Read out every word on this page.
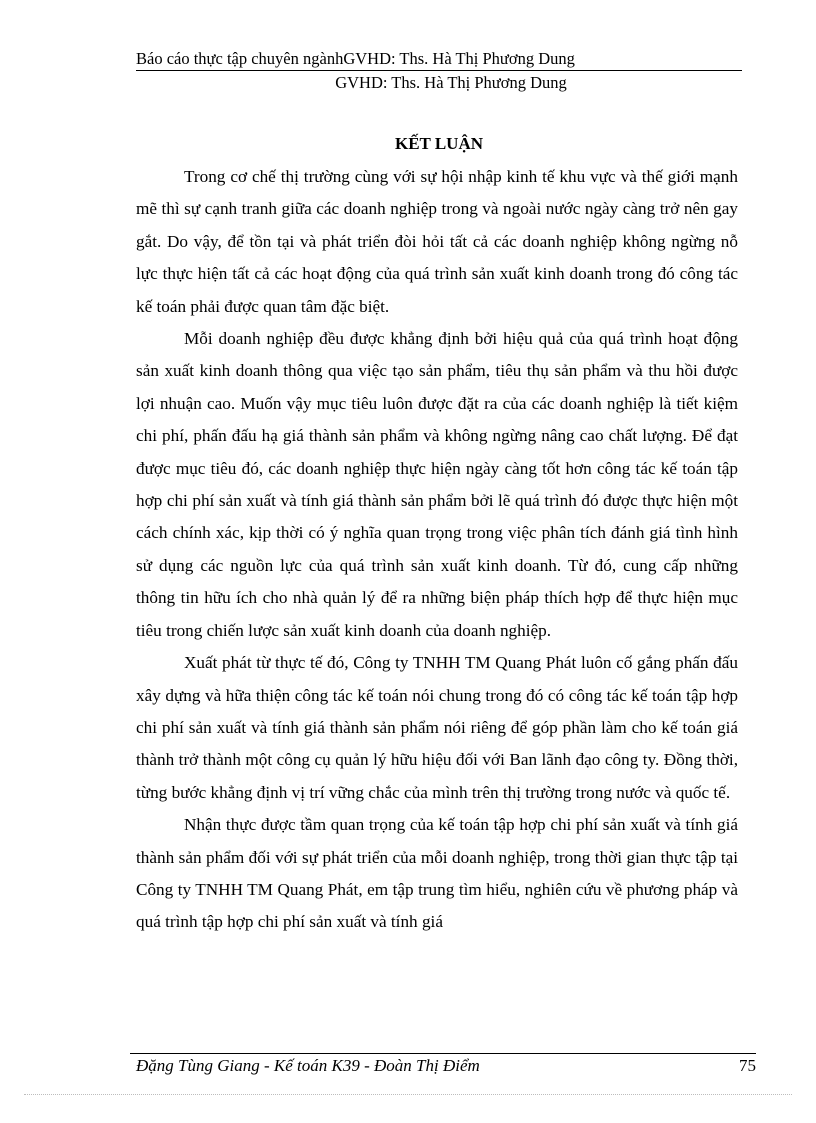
Báo cáo thực tập chuyên ngànhGVHD: Ths. Hà Thị Phương Dung
GVHD: Ths. Hà Thị Phương Dung
KẾT LUẬN

Trong cơ chế thị trường cùng với sự hội nhập kinh tế khu vực và thế giới mạnh mẽ thì sự cạnh tranh giữa các doanh nghiệp trong và ngoài nước ngày càng trở nên gay gắt. Do vậy, để tồn tại và phát triển đòi hỏi tất cả các doanh nghiệp không ngừng nỗ lực thực hiện tất cả các hoạt động của quá trình sản xuất kinh doanh trong đó công tác kế toán phải được quan tâm đặc biệt.

Mỗi doanh nghiệp đều được khẳng định bởi hiệu quả của quá trình hoạt động sản xuất kinh doanh thông qua việc tạo sản phẩm, tiêu thụ sản phẩm và thu hồi được lợi nhuận cao. Muốn vậy mục tiêu luôn được đặt ra của các doanh nghiệp là tiết kiệm chi phí, phấn đấu hạ giá thành sản phẩm và không ngừng nâng cao chất lượng. Để đạt được mục tiêu đó, các doanh nghiệp thực hiện ngày càng tốt hơn công tác kế toán tập hợp chi phí sản xuất và tính giá thành sản phẩm bởi lẽ quá trình đó được thực hiện một cách chính xác, kịp thời có ý nghĩa quan trọng trong việc phân tích đánh giá tình hình sử dụng các nguồn lực của quá trình sản xuất kinh doanh. Từ đó, cung cấp những thông tin hữu ích cho nhà quản lý để ra những biện pháp thích hợp để thực hiện mục tiêu trong chiến lược sản xuất kinh doanh của doanh nghiệp.

Xuất phát từ thực tế đó, Công ty TNHH TM Quang Phát luôn cố gắng phấn đấu xây dựng và hữa thiện công tác kế toán nói chung trong đó có công tác kế toán tập hợp chi phí sản xuất và tính giá thành sản phẩm nói riêng để góp phần làm cho kế toán giá thành trở thành một công cụ quản lý hữu hiệu đối với Ban lãnh đạo công ty. Đồng thời, từng bước khẳng định vị trí vững chắc của mình trên thị trường trong nước và quốc tế.

Nhận thực được tầm quan trọng của kế toán tập hợp chi phí sản xuất và tính giá thành sản phẩm đối với sự phát triển của mỗi doanh nghiệp, trong thời gian thực tập tại Công ty TNHH TM Quang Phát, em tập trung tìm hiểu, nghiên cứu về phương pháp và quá trình tập hợp chi phí sản xuất và tính giá

Đặng Tùng Giang - Kế toán K39 - Đoàn Thị Điểm	75
